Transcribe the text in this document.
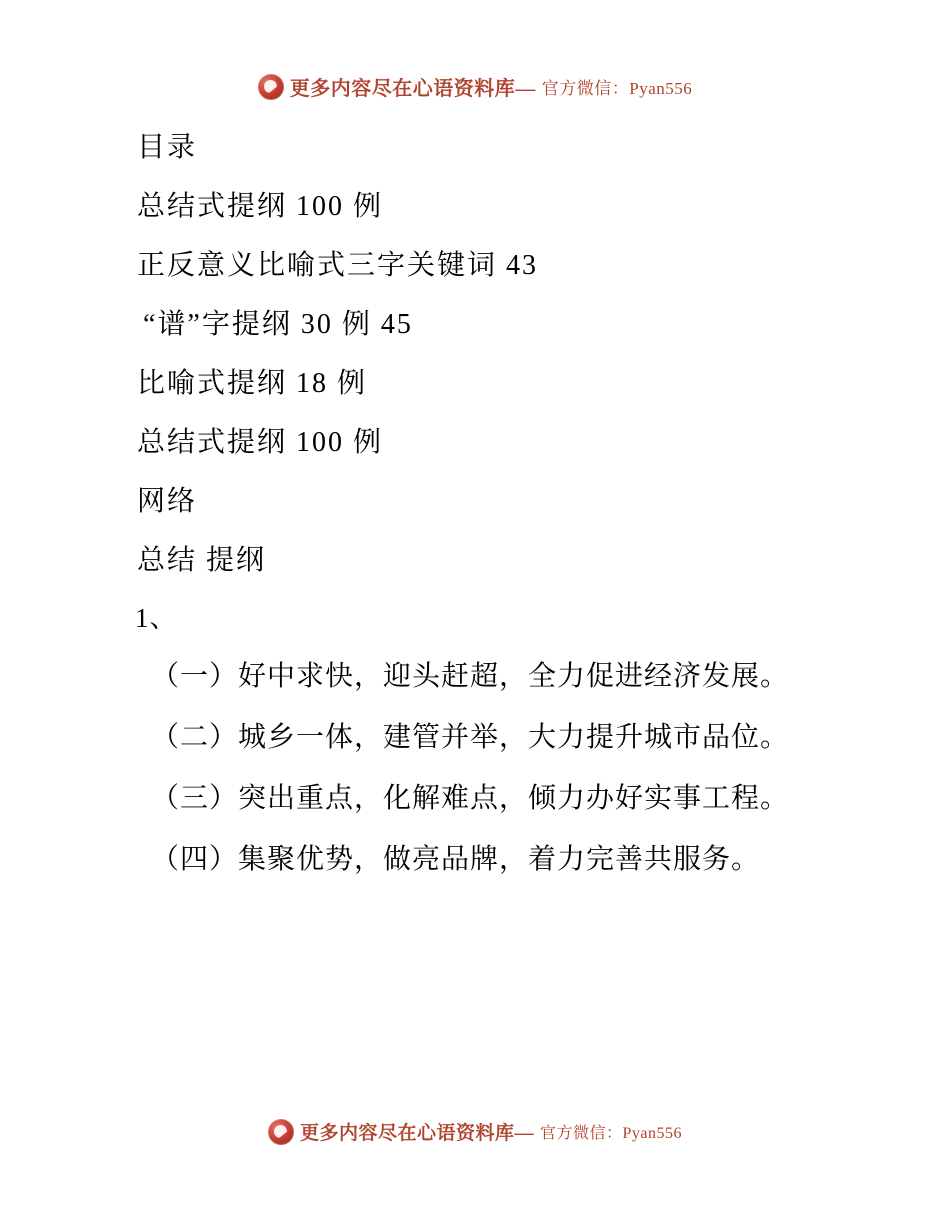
更多内容尽在心语资料库— 官方微信：Pyan556
目录
总结式提纲 100 例
正反意义比喻式三字关键词 43
“谱”字提纲 30 例 45
比喻式提纲 18 例
总结式提纲 100 例
网络
总结 提纲
1、
（一）好中求快，迎头赶超，全力促进经济发展。
（二）城乡一体，建管并举，大力提升城市品位。
（三）突出重点，化解难点，倾力办好实事工程。
（四）集聚优势，做亮品牌，着力完善共服务。
更多内容尽在心语资料库— 官方微信：Pyan556
